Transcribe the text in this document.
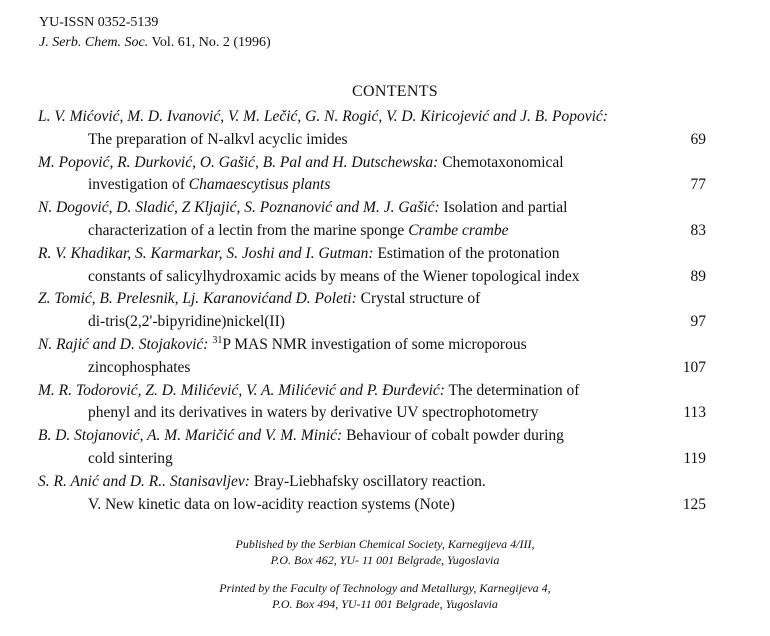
YU-ISSN 0352-5139
J. Serb. Chem. Soc. Vol. 61, No. 2 (1996)
CONTENTS
L. V. Mićović, M. D. Ivanović, V. M. Lečić, G. N. Rogić, V. D. Kiricojević and J. B. Popović:
The preparation of N-alkvl acyclic imides	69
M. Popović, R. Durković, O. Gašić, B. Pal and H. Dutschewska: Chemotaxonomical
investigation of Chamaescytisus plants	77
N. Dogović, D. Sladić, Z Kljajić, S. Poznanović and M. J. Gašić: Isolation and partial
characterization of a lectin from the marine sponge Crambe crambe	83
R. V. Khadikar, S. Karmarkar, S. Joshi and I. Gutman: Estimation of the protonation
constants of salicylhydroxamic acids by means of the Wiener topological index	89
Z. Tomić, B. Prelesnik, Lj. Karanovićand D. Poleti: Crystal structure of
di-tris(2,2'-bipyridine)nickel(II)	97
N. Rajić and D. Stojaković: $^{31}$P MAS NMR investigation of some microporous
zincophosphates	107
M. R. Todorović, Z. D. Milićević, V. A. Milićević and P. Đurđević: The determination of
phenyl and its derivatives in waters by derivative UV spectrophotometry	113
B. D. Stojanović, A. M. Maričić and V. M. Minić: Behaviour of cobalt powder during
cold sintering	119
S. R. Anić and D. R.. Stanisavljev: Bray-Liebhafsky oscillatory reaction.
V. New kinetic data on low-acidity reaction systems (Note)	125
Published by the Serbian Chemical Society, Karnegijeva 4/III,
P.O. Box 462, YU- 11 001 Belgrade, Yugoslavia
Printed by the Faculty of Technology and Metallurgy, Karnegijeva 4,
P.O. Box 494, YU-11 001 Belgrade, Yugoslavia
